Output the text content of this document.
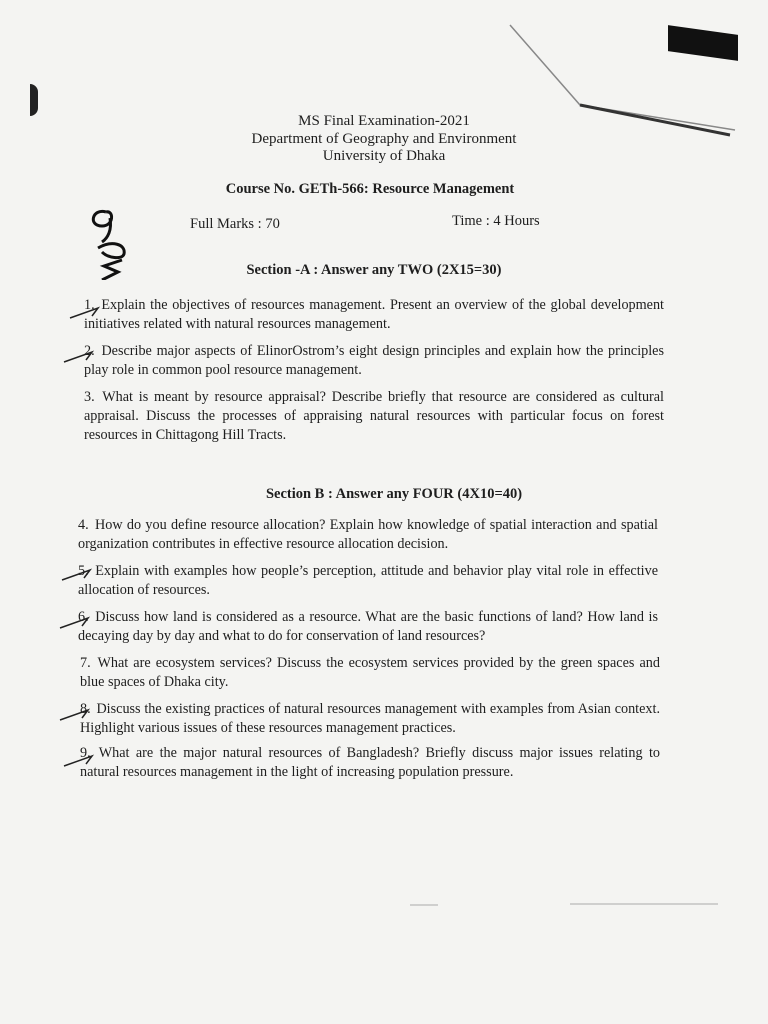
MS Final Examination-2021
Department of Geography and Environment
University of Dhaka
Course No. GETh-566: Resource Management
Full Marks : 70	Time : 4 Hours
Section -A : Answer any TWO (2X15=30)
1. Explain the objectives of resources management. Present an overview of the global development initiatives related with natural resources management.
2. Describe major aspects of ElinorOstrom’s eight design principles and explain how the principles play role in common pool resource management.
3. What is meant by resource appraisal? Describe briefly that resource are considered as cultural appraisal. Discuss the processes of appraising natural resources with particular focus on forest resources in Chittagong Hill Tracts.
Section B : Answer any FOUR (4X10=40)
4. How do you define resource allocation? Explain how knowledge of spatial interaction and spatial organization contributes in effective resource allocation decision.
5. Explain with examples how people’s perception, attitude and behavior play vital role in effective allocation of resources.
6. Discuss how land is considered as a resource. What are the basic functions of land? How land is decaying day by day and what to do for conservation of land resources?
7. What are ecosystem services? Discuss the ecosystem services provided by the green spaces and blue spaces of Dhaka city.
8. Discuss the existing practices of natural resources management with examples from Asian context. Highlight various issues of these resources management practices.
9. What are the major natural resources of Bangladesh? Briefly discuss major issues relating to natural resources management in the light of increasing population pressure.
